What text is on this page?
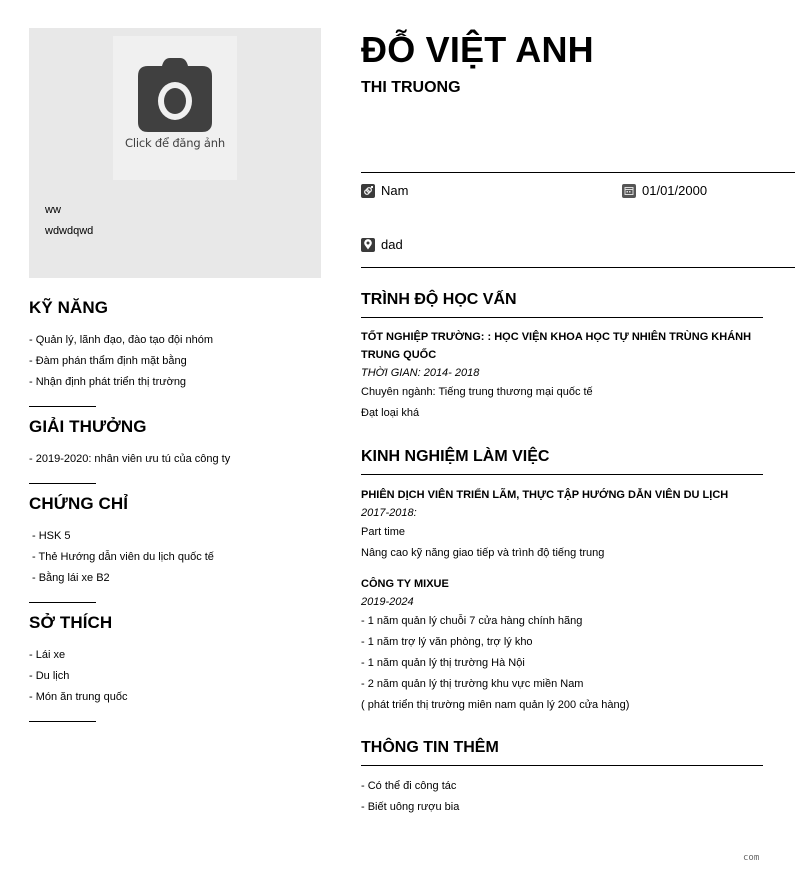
Click để đăng ảnh
ww
wdwdqwd
KỸ NĂNG
- Quản lý, lãnh đạo, đào tạo đội nhóm
- Đàm phán thẩm định mặt bằng
- Nhận định phát triển thị trường
GIẢI THƯỞNG
- 2019-2020: nhân viên ưu tú của công ty
CHỨNG CHỈ
- HSK 5
- Thẻ Hướng dẫn viên du lịch quốc tế
- Bằng lái xe B2
SỞ THÍCH
- Lái xe
- Du lịch
- Món ăn trung quốc
ĐỖ VIỆT ANH
THI TRUONG
Nam	01/01/2000
dad
TRÌNH ĐỘ HỌC VẤN
TỐT NGHIỆP TRƯỜNG: : HỌC VIỆN KHOA HỌC TỰ NHIÊN TRÙNG KHÁNH TRUNG QUỐC
THỜI GIAN: 2014- 2018
Chuyên ngành: Tiếng trung thương mại quốc tế
Đạt loại khá
KINH NGHIỆM LÀM VIỆC
PHIÊN DỊCH VIÊN TRIỂN LÃM, THỰC TẬP HƯỚNG DẪN VIÊN DU LỊCH
2017-2018:
Part time
Nâng cao kỹ năng giao tiếp và trình độ tiếng trung
CÔNG TY MIXUE
2019-2024
- 1 năm quản lý chuỗi 7 cửa hàng chính hãng
- 1 năm trợ lý văn phòng, trợ lý kho
- 1 năm quản lý thị trường Hà Nội
- 2 năm quản lý thị trường khu vực miền Nam
( phát triển thị trường miên nam quản lý 200 cửa hàng)
THÔNG TIN THÊM
- Có thể đi công tác
- Biết uông rượu bia
com
